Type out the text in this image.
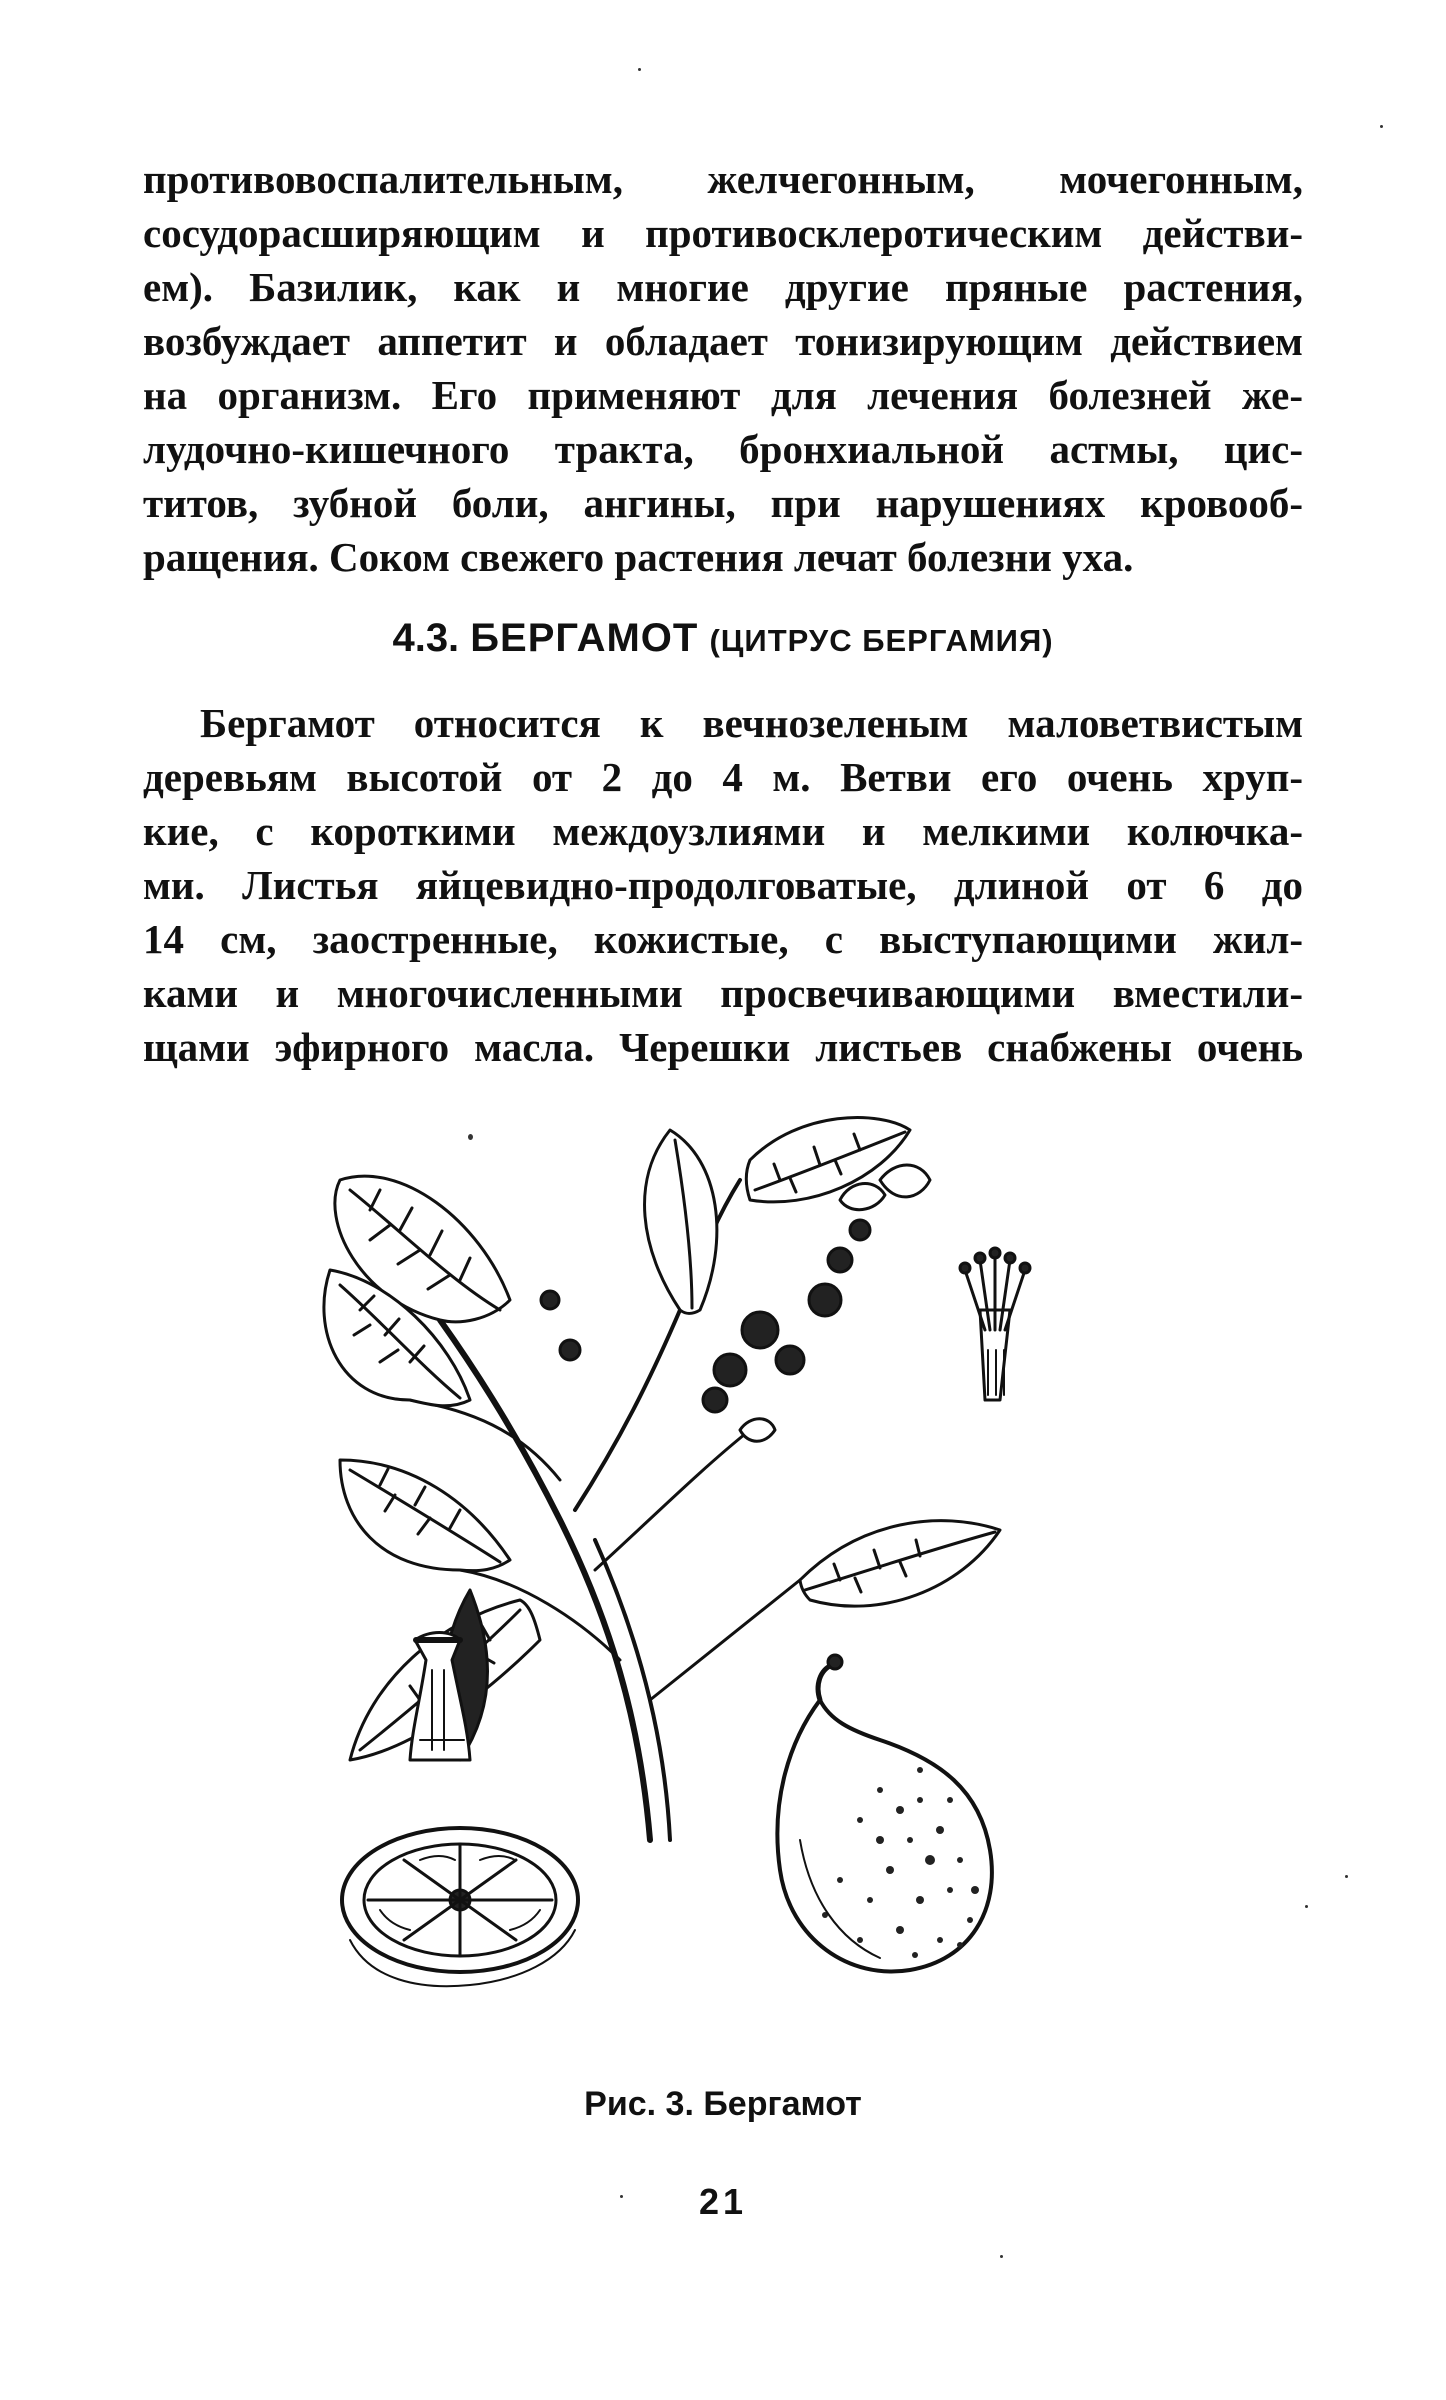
противовоспалительным, желчегонным, мочегонным,
сосудорасширяющим и противосклеротическим действи-
ем). Базилик, как и многие другие пряные растения,
возбуждает аппетит и обладает тонизирующим действием
на организм. Его применяют для лечения болезней же-
лудочно-кишечного тракта, бронхиальной астмы, цис-
титов, зубной боли, ангины, при нарушениях кровооб-
ращения. Соком свежего растения лечат болезни уха.
4.3. БЕРГАМОТ (ЦИТРУС БЕРГАМИЯ)
Бергамот относится к вечнозеленым маловетвистым
деревьям высотой от 2 до 4 м. Ветви его очень хруп-
кие, с короткими междоузлиями и мелкими колючка-
ми. Листья яйцевидно-продолговатые, длиной от 6 до
14 см, заостренные, кожистые, с выступающими жил-
ками и многочисленными просвечивающими вместили-
щами эфирного масла. Черешки листьев снабжены очень
Рис. 3. Бергамот
21
